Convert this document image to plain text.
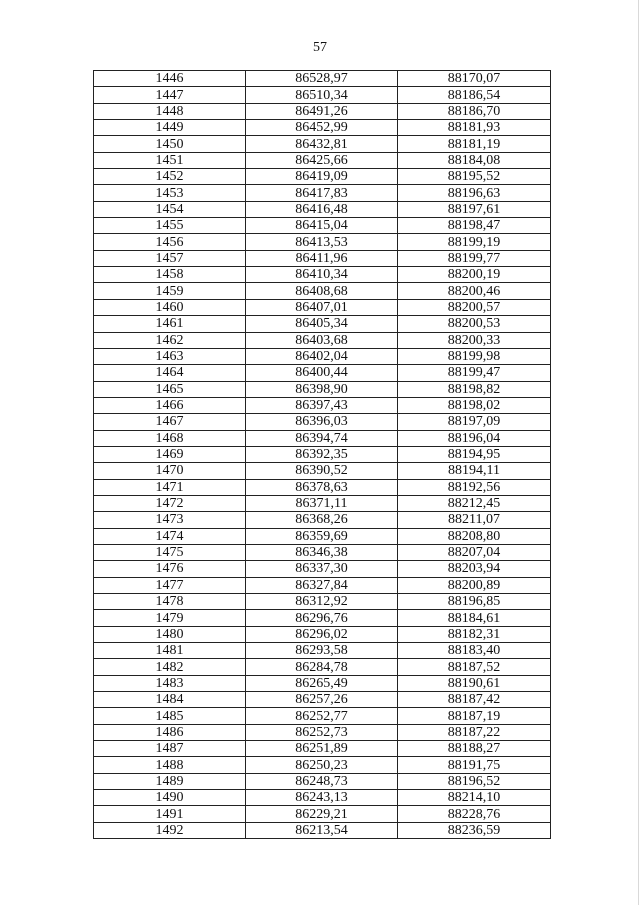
57
1446	86528,97	88170,07
1447	86510,34	88186,54
1448	86491,26	88186,70
1449	86452,99	88181,93
1450	86432,81	88181,19
1451	86425,66	88184,08
1452	86419,09	88195,52
1453	86417,83	88196,63
1454	86416,48	88197,61
1455	86415,04	88198,47
1456	86413,53	88199,19
1457	86411,96	88199,77
1458	86410,34	88200,19
1459	86408,68	88200,46
1460	86407,01	88200,57
1461	86405,34	88200,53
1462	86403,68	88200,33
1463	86402,04	88199,98
1464	86400,44	88199,47
1465	86398,90	88198,82
1466	86397,43	88198,02
1467	86396,03	88197,09
1468	86394,74	88196,04
1469	86392,35	88194,95
1470	86390,52	88194,11
1471	86378,63	88192,56
1472	86371,11	88212,45
1473	86368,26	88211,07
1474	86359,69	88208,80
1475	86346,38	88207,04
1476	86337,30	88203,94
1477	86327,84	88200,89
1478	86312,92	88196,85
1479	86296,76	88184,61
1480	86296,02	88182,31
1481	86293,58	88183,40
1482	86284,78	88187,52
1483	86265,49	88190,61
1484	86257,26	88187,42
1485	86252,77	88187,19
1486	86252,73	88187,22
1487	86251,89	88188,27
1488	86250,23	88191,75
1489	86248,73	88196,52
1490	86243,13	88214,10
1491	86229,21	88228,76
1492	86213,54	88236,59
